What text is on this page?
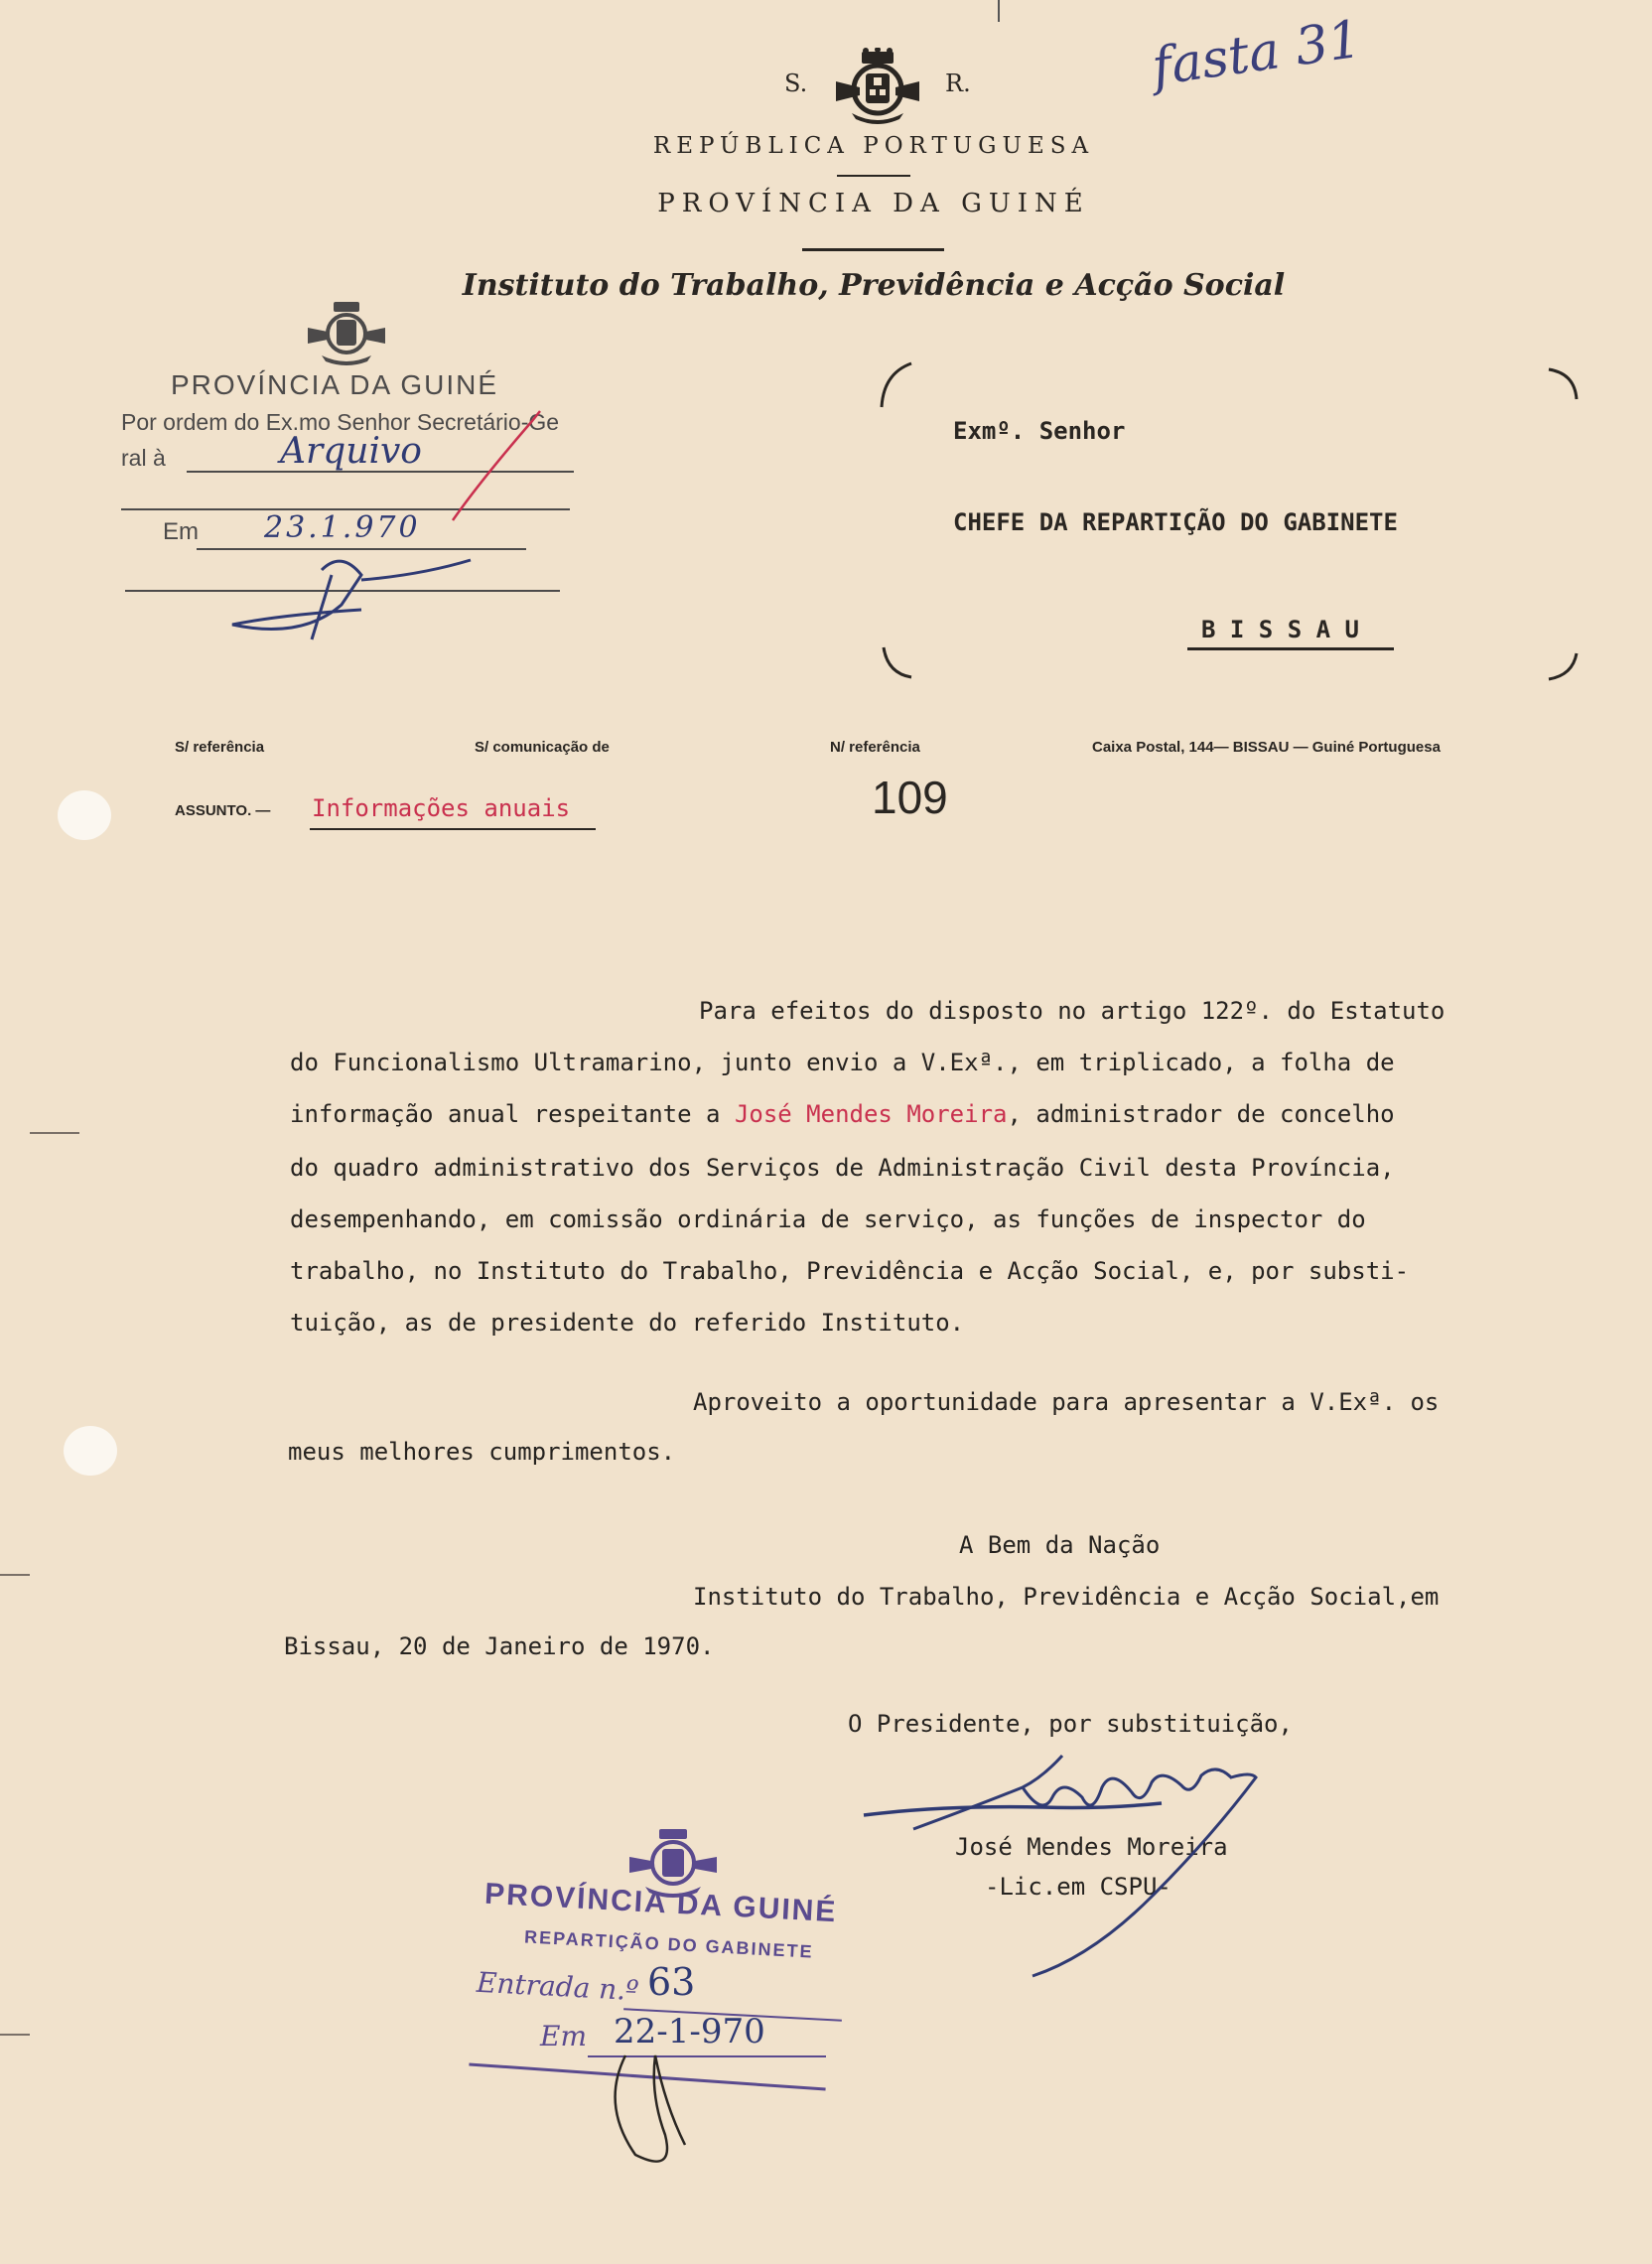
fasta 31
S.	R.
REPÚBLICA PORTUGUESA
PROVÍNCIA DA GUINÉ
Instituto do Trabalho, Previdência e Acção Social
PROVÍNCIA DA GUINÉ
Por ordem do Ex.mo Senhor Secretário-Ge
ral à	Arquivo
Em 23.1.970
Exmº. Senhor
CHEFE DA REPARTIÇÃO DO GABINETE
B I S S A U
S/ referência	S/ comunicação de	N/ referência	Caixa Postal, 144— BISSAU — Guiné Portuguesa
ASSUNTO. — Informações anuais	109
Para efeitos do disposto no artigo 122º. do Estatuto
do Funcionalismo Ultramarino, junto envio a V.Exª., em triplicado, a folha de
informação anual respeitante a José Mendes Moreira, administrador de concelho
do quadro administrativo dos Serviços de Administração Civil desta Província,
desempenhando, em comissão ordinária de serviço, as funções de inspector do
trabalho, no Instituto do Trabalho, Previdência e Acção Social, e, por substi-
tuição, as de presidente do referido Instituto.
Aproveito a oportunidade para apresentar a V.Exª. os
meus melhores cumprimentos.
A Bem da Nação
Instituto do Trabalho, Previdência e Acção Social,em
Bissau, 20 de Janeiro de 1970.
O Presidente, por substituição,
José Mendes Moreira
-Lic.em CSPU-
PROVÍNCIA DA GUINÉ
REPARTIÇÃO DO GABINETE
Entrada n.º 63
Em 22-1-970
